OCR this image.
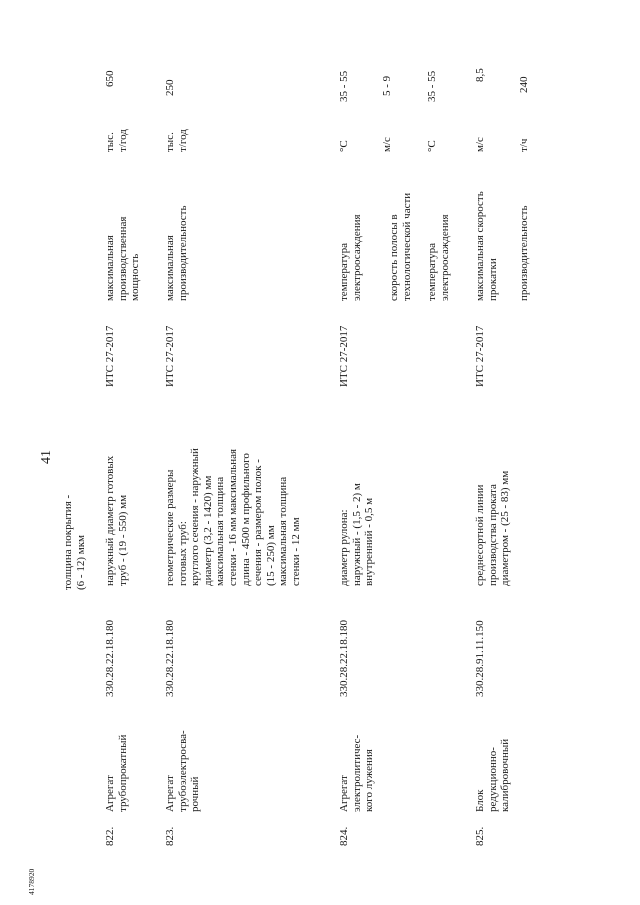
41
4178920
толщина покрытия -
(6 - 12) мкм
822.
Агрегат
трубопрокатный
330.28.22.18.180
наружный диаметр готовых
труб - (19 - 550) мм
ИТС 27-2017
максимальная
производственная
мощность
тыс.
т/год
650
823.
Агрегат
трубоэлектросва-
рочный
330.28.22.18.180
геометрические размеры
готовых труб:
круглого сечения - наружный
диаметр (3,2 - 1420) мм
максимальная толщина
стенки - 16 мм максимальная
длина - 4500 м профильного
сечения - размером полок -
(15 - 250) мм
максимальная толщина
стенки - 12 мм
ИТС 27-2017
максимальная
производительность
тыс.
т/год
250
824.
Агрегат
электролитичес-
кого лужения
330.28.22.18.180
диаметр рулона:
наружный - (1,5 - 2) м
внутренний - 0,5 м
ИТС 27-2017
температура
электроосаждения
°С
35 - 55
скорость полосы в
технологической части
м/с
5 - 9
температура
электроосаждения
°С
35 - 55
825.
Блок
редукционно-
калибровочный
330.28.91.11.150
среднесортной линии
производства проката
диаметром - (25 - 83) мм
ИТС 27-2017
максимальная скорость
прокатки
м/с
8,5
производительность
т/ч
240
